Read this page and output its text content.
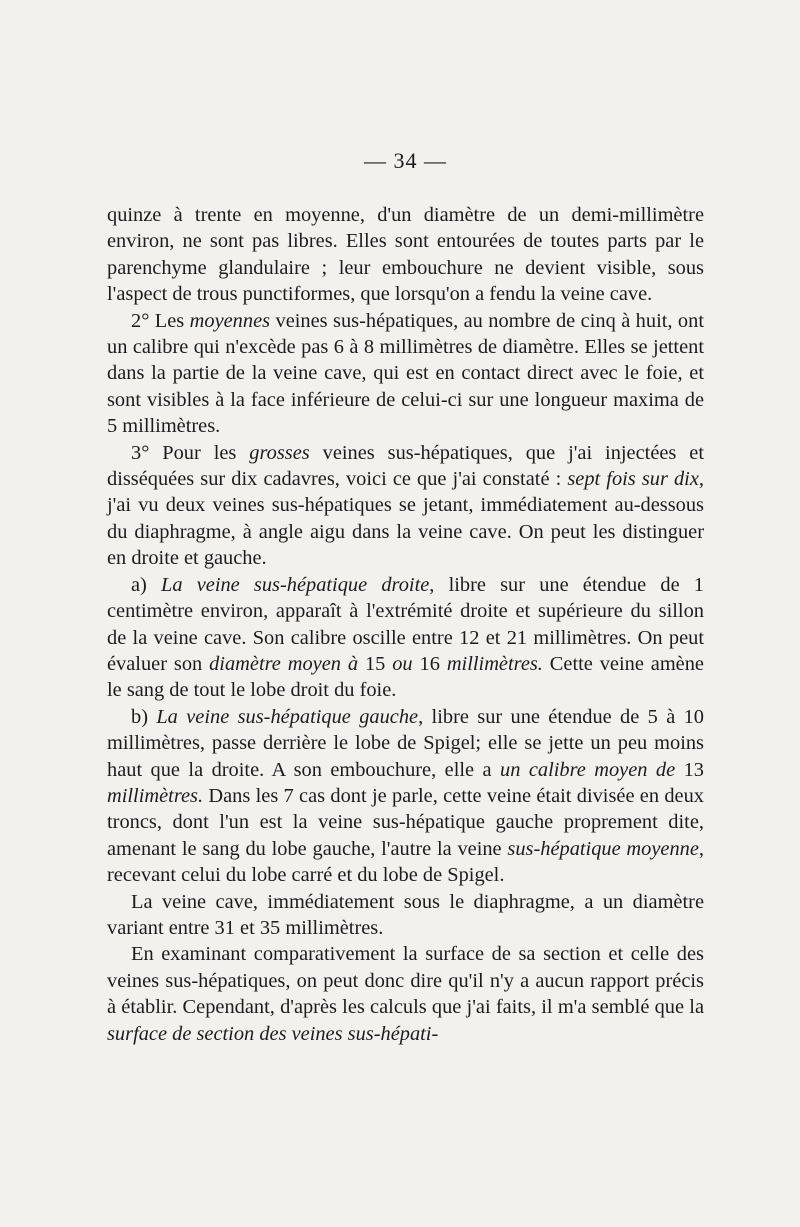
— 34 —

quinze à trente en moyenne, d'un diamètre de un demi-millimètre environ, ne sont pas libres. Elles sont entourées de toutes parts par le parenchyme glandulaire ; leur embouchure ne devient visible, sous l'aspect de trous punctiformes, que lorsqu'on a fendu la veine cave.

2° Les moyennes veines sus-hépatiques, au nombre de cinq à huit, ont un calibre qui n'excède pas 6 à 8 millimètres de diamètre. Elles se jettent dans la partie de la veine cave, qui est en contact direct avec le foie, et sont visibles à la face inférieure de celui-ci sur une longueur maxima de 5 millimètres.

3° Pour les grosses veines sus-hépatiques, que j'ai injectées et disséquées sur dix cadavres, voici ce que j'ai constaté : sept fois sur dix, j'ai vu deux veines sus-hépatiques se jetant, immédiatement au-dessous du diaphragme, à angle aigu dans la veine cave. On peut les distinguer en droite et gauche.

a) La veine sus-hépatique droite, libre sur une étendue de 1 centimètre environ, apparaît à l'extrémité droite et supérieure du sillon de la veine cave. Son calibre oscille entre 12 et 21 millimètres. On peut évaluer son diamètre moyen à 15 ou 16 millimètres. Cette veine amène le sang de tout le lobe droit du foie.

b) La veine sus-hépatique gauche, libre sur une étendue de 5 à 10 millimètres, passe derrière le lobe de Spigel; elle se jette un peu moins haut que la droite. A son embouchure, elle a un calibre moyen de 13 millimètres. Dans les 7 cas dont je parle, cette veine était divisée en deux troncs, dont l'un est la veine sus-hépatique gauche proprement dite, amenant le sang du lobe gauche, l'autre la veine sus-hépatique moyenne, recevant celui du lobe carré et du lobe de Spigel.

La veine cave, immédiatement sous le diaphragme, a un diamètre variant entre 31 et 35 millimètres.

En examinant comparativement la surface de sa section et celle des veines sus-hépatiques, on peut donc dire qu'il n'y a aucun rapport précis à établir. Cependant, d'après les calculs que j'ai faits, il m'a semblé que la surface de section des veines sus-hépati-
